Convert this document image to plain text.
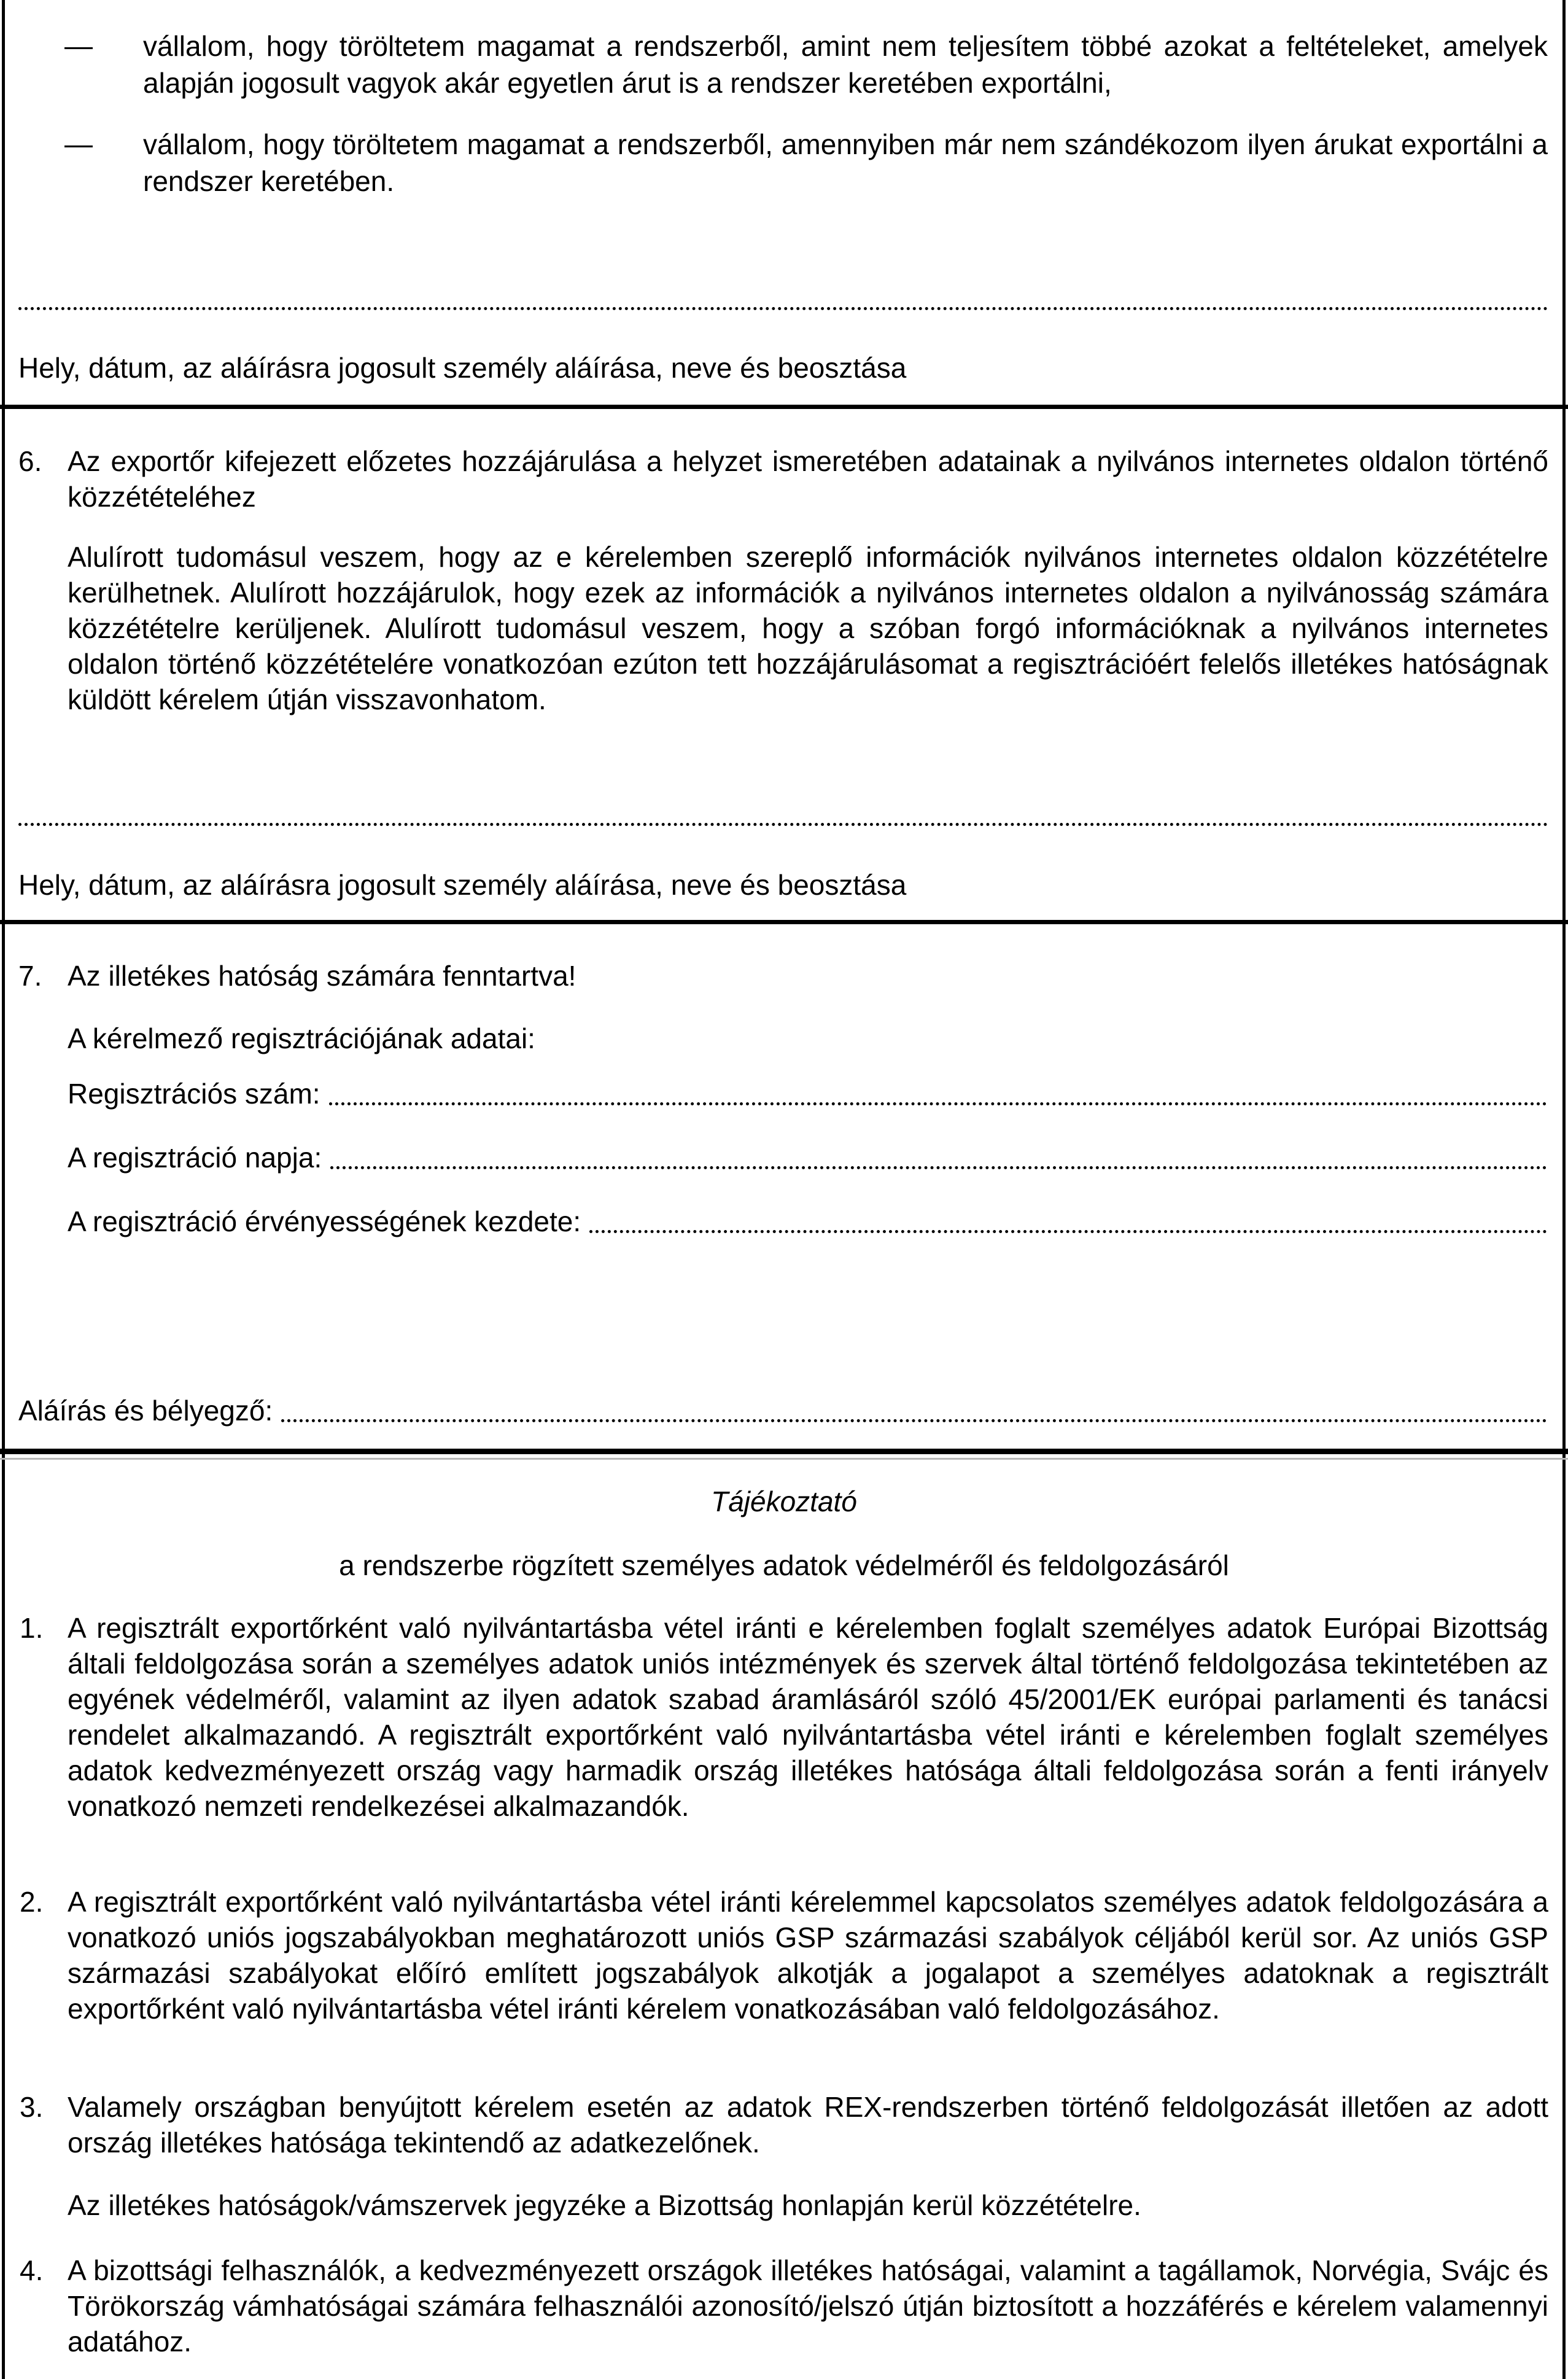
— vállalom, hogy töröltetem magamat a rendszerből, amint nem teljesítem többé azokat a feltételeket, amelyek alapján jogosult vagyok akár egyetlen árut is a rendszer keretében exportálni,
— vállalom, hogy töröltetem magamat a rendszerből, amennyiben már nem szándékozom ilyen árukat exportálni a rendszer keretében.
Hely, dátum, az aláírásra jogosult személy aláírása, neve és beosztása
6. Az exportőr kifejezett előzetes hozzájárulása a helyzet ismeretében adatainak a nyilvános internetes oldalon történő közzétételéhez
Alulírott tudomásul veszem, hogy az e kérelemben szereplő információk nyilvános internetes oldalon közzétételre kerülhetnek. Alulírott hozzájárulok, hogy ezek az információk a nyilvános internetes oldalon a nyilvánosság számára közzétételre kerüljenek. Alulírott tudomásul veszem, hogy a szóban forgó információknak a nyilvános internetes oldalon történő közzétételére vonatkozóan ezúton tett hozzájárulásomat a regisztrációért felelős illetékes hatóságnak küldött kérelem útján visszavonhatom.
Hely, dátum, az aláírásra jogosult személy aláírása, neve és beosztása
7. Az illetékes hatóság számára fenntartva!
A kérelmező regisztrációjának adatai:
Regisztrációs szám:
A regisztráció napja:
A regisztráció érvényességének kezdete:
Aláírás és bélyegző:
Tájékoztató
a rendszerbe rögzített személyes adatok védelméről és feldolgozásáról
1. A regisztrált exportőrként való nyilvántartásba vétel iránti e kérelemben foglalt személyes adatok Európai Bizottság általi feldolgozása során a személyes adatok uniós intézmények és szervek által történő feldolgozása tekintetében az egyének védelméről, valamint az ilyen adatok szabad áramlásáról szóló 45/2001/EK európai parlamenti és tanácsi rendelet alkalmazandó. A regisztrált exportőrként való nyilvántartásba vétel iránti e kérelemben foglalt személyes adatok kedvezményezett ország vagy harmadik ország illetékes hatósága általi feldolgozása során a fenti irányelv vonatkozó nemzeti rendelkezései alkalmazandók.
2. A regisztrált exportőrként való nyilvántartásba vétel iránti kérelemmel kapcsolatos személyes adatok feldolgozására a vonatkozó uniós jogszabályokban meghatározott uniós GSP származási szabályok céljából kerül sor. Az uniós GSP származási szabályokat előíró említett jogszabályok alkotják a jogalapot a személyes adatoknak a regisztrált exportőrként való nyilvántartásba vétel iránti kérelem vonatkozásában való feldolgozásához.
3. Valamely országban benyújtott kérelem esetén az adatok REX-rendszerben történő feldolgozását illetően az adott ország illetékes hatósága tekintendő az adatkezelőnek.
Az illetékes hatóságok/vámszervek jegyzéke a Bizottság honlapján kerül közzétételre.
4. A bizottsági felhasználók, a kedvezményezett országok illetékes hatóságai, valamint a tagállamok, Norvégia, Svájc és Törökország vámhatóságai számára felhasználói azonosító/jelszó útján biztosított a hozzáférés e kérelem valamennyi adatához.
